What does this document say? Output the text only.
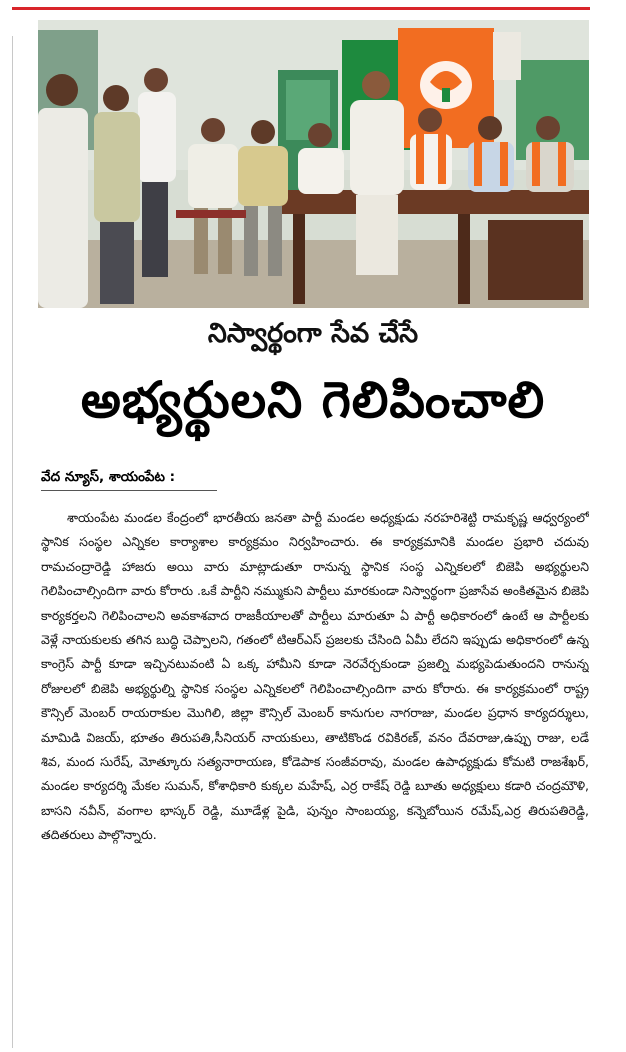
నిస్వార్థంగా సేవ చేసే
అభ్యర్థులని గెలిపించాలి
వేద న్యూస్, శాయంపేట :

శాయంపేట మండల కేంద్రంలో భారతీయ జనతా పార్టీ మండల అధ్యక్షుడు నరహరిశెట్టి రామకృష్ణ ఆధ్వర్యంలో స్థానిక సంస్థల ఎన్నికల కార్యాశాల కార్యక్రమం నిర్వహించారు. ఈ కార్యక్రమానికి మండల ప్రభారి చదువు రామచంద్రారెడ్డి హాజరు అయి వారు మాట్లాడుతూ రానున్న స్థానిక సంస్థ ఎన్నికలలో బిజెపి అభ్యర్థులని గెలిపించాల్సిందిగా వారు కోరారు .ఒకే పార్టీని నమ్ముకుని పార్టీలు మారకుండా నిస్వార్థంగా ప్రజాసేవ అంకితమైన బిజెపి కార్యకర్తలని గెలిపించాలని అవకాశవాద రాజకీయాలతో పార్టీలు మారుతూ ఏ పార్టీ అధికారంలో ఉంటే ఆ పార్టీలకు వెళ్లే నాయకులకు తగిన బుద్ధి చెప్పాలని, గతంలో టిఆర్ఎస్ ప్రజలకు చేసింది ఏమీ లేదని ఇప్పుడు అధికారంలో ఉన్న కాంగ్రెస్ పార్టీ కూడా ఇచ్చినటువంటి ఏ ఒక్క హామీని కూడా నెరవేర్చకుండా ప్రజల్ని మభ్యపెడుతుందని రానున్న రోజులలో బిజెపి అభ్యర్థుల్ని స్థానిక సంస్థల ఎన్నికలలో గెలిపించాల్సిందిగా వారు కోరారు. ఈ కార్యక్రమంలో రాష్ట్ర కౌన్సిల్ మెంబర్ రాయరాకుల మొగిలి, జిల్లా కౌన్సిల్ మెంబర్ కానుగుల నాగరాజు, మండల ప్రధాన కార్యదర్శులు, మామిడి విజయ్, భూతం తిరుపతి,సీనియర్ నాయకులు, తాటికొండ రవికిరణ్, వనం దేవరాజు,ఉప్పు రాజు, లడే శివ, మంద సురేష్, మోత్కూరు సత్యనారాయణ, కోడెపాక సంజీవరావు, మండల ఉపాధ్యక్షుడు కోమటి రాజశేఖర్, మండల కార్యదర్శి మేకల సుమన్, కోశాధికారి కుక్కల మహేష్, ఎర్ర రాకేష్ రెడ్డి బూతు అధ్యక్షులు కడారి చంద్రమౌళి, బాసని నవీన్, వంగాల భాస్కర్ రెడ్డి, మూడేళ్ల పైడి, పున్నం సాంబయ్య, కన్నెబోయిన రమేష్,ఎర్ర తిరుపతిరెడ్డి, తదితరులు పాల్గొన్నారు.
